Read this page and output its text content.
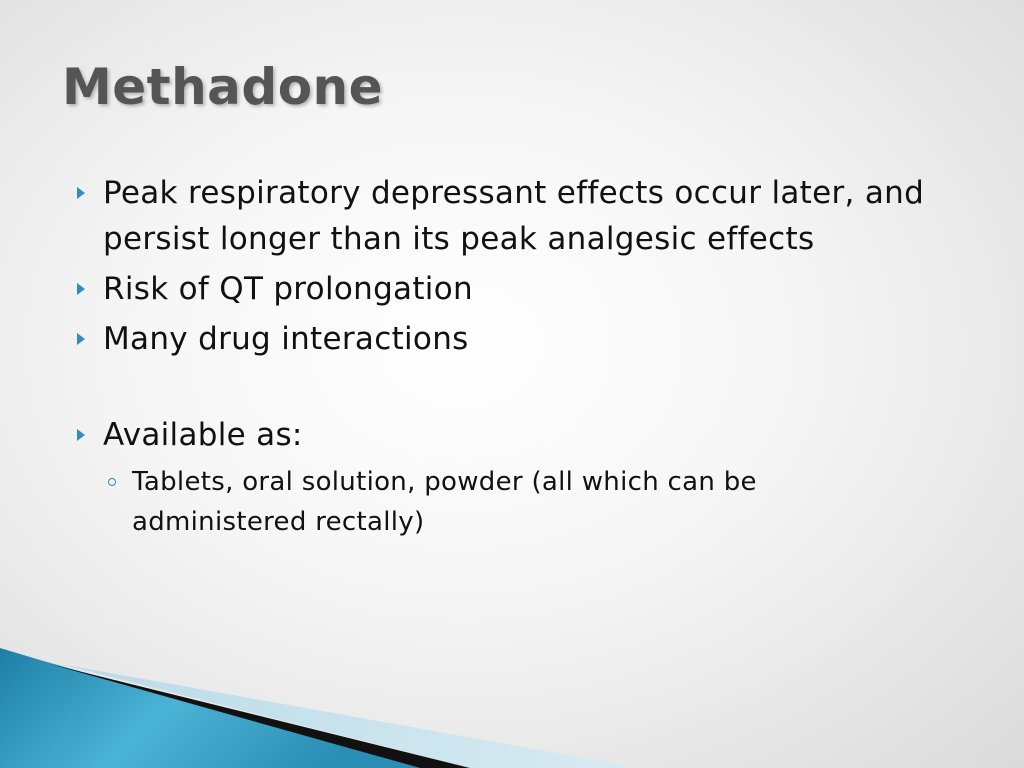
Methadone
Peak respiratory depressant effects occur later, and persist longer than its peak analgesic effects
Risk of QT prolongation
Many drug interactions
Available as:
Tablets, oral solution, powder (all which can be administered rectally)
